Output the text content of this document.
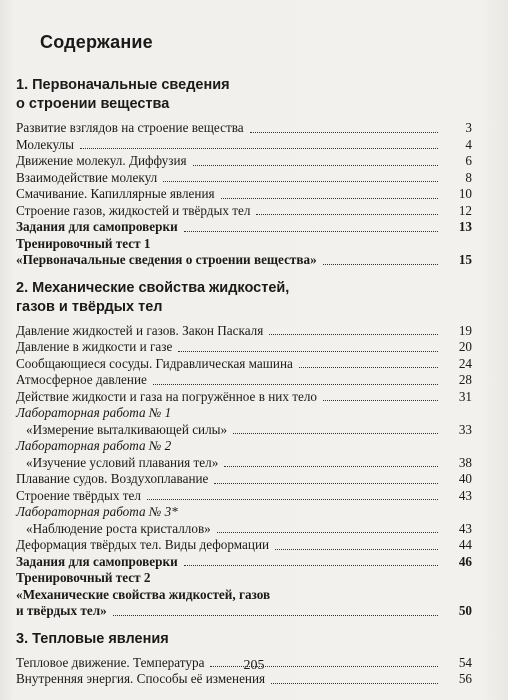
Содержание
1. Первоначальные сведения
о строении вещества
Развитие взглядов на строение вещества	3
Молекулы	4
Движение молекул. Диффузия	6
Взаимодействие молекул	8
Смачивание. Капиллярные явления	10
Строение газов, жидкостей и твёрдых тел	12
Задания для самопроверки	13
Тренировочный тест 1
«Первоначальные сведения о строении вещества»	15
2. Механические свойства жидкостей,
газов и твёрдых тел
Давление жидкостей и газов. Закон Паскаля	19
Давление в жидкости и газе	20
Сообщающиеся сосуды. Гидравлическая машина	24
Атмосферное давление	28
Действие жидкости и газа на погружённое в них тело	31
Лабораторная работа № 1
«Измерение выталкивающей силы»	33
Лабораторная работа № 2
«Изучение условий плавания тел»	38
Плавание судов. Воздухоплавание	40
Строение твёрдых тел	43
Лабораторная работа № 3*
«Наблюдение роста кристаллов»	43
Деформация твёрдых тел. Виды деформации	44
Задания для самопроверки	46
Тренировочный тест 2
«Механические свойства жидкостей, газов
и твёрдых тел»	50
3. Тепловые явления
Тепловое движение. Температура	54
Внутренняя энергия. Способы её изменения	56
205
